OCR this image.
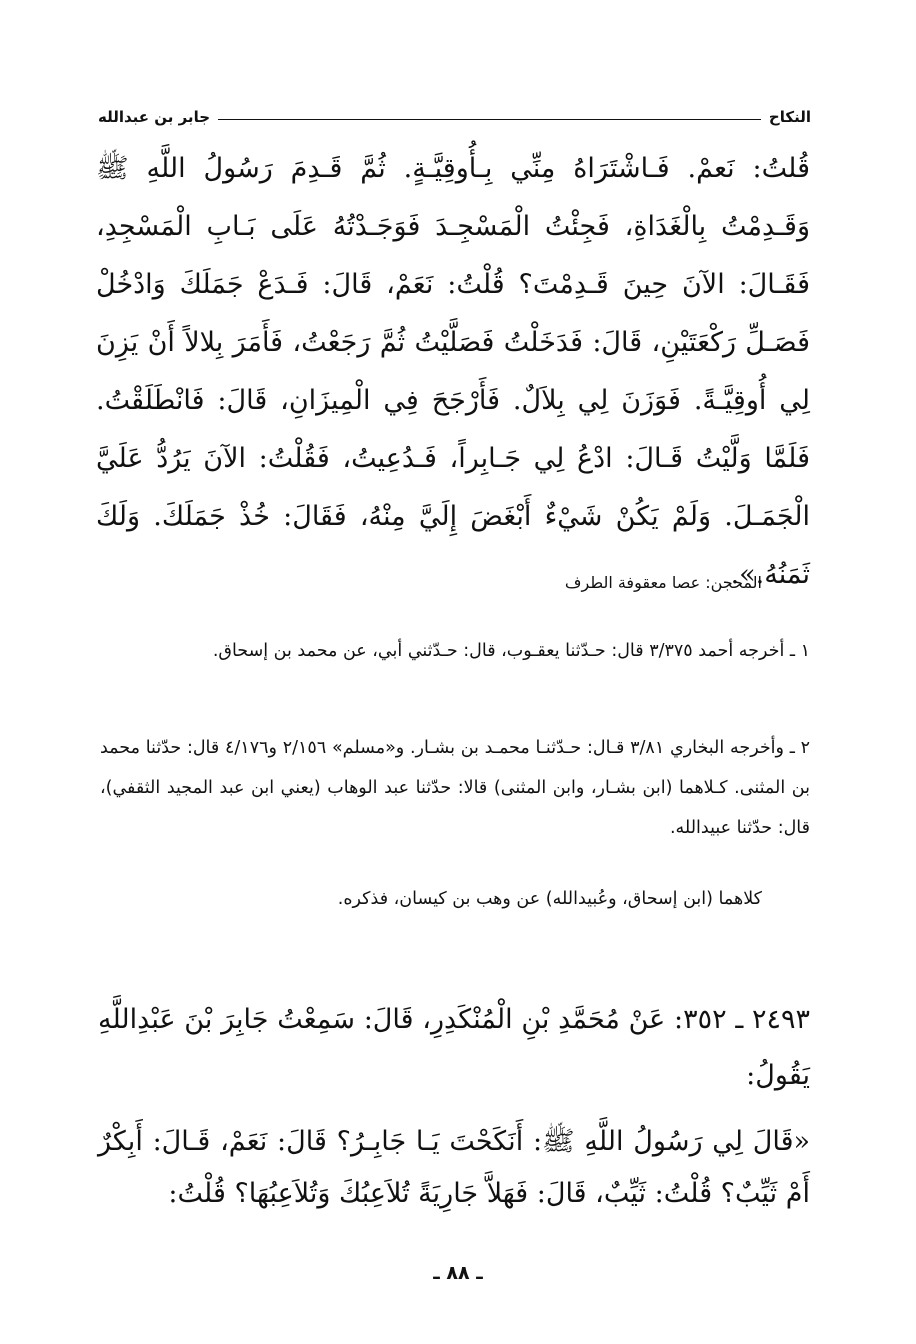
النكاح
جابر بن عبدالله

قُلتُ: نَعمْ. فَـاشْتَرَاهُ مِنِّي بِـأُوقِيَّـةٍ. ثُمَّ قَـدِمَ رَسُولُ اللَّهِ ﷺ وَقَـدِمْتُ بِالْغَدَاةِ، فَجِئْتُ الْمَسْجِـدَ فَوَجَـدْتُهُ عَلَى بَـابِ الْمَسْجِدِ، فَقَـالَ: الآنَ حِينَ قَـدِمْتَ؟ قُلْتُ: نَعَمْ، قَالَ: فَـدَعْ جَمَلَكَ وَادْخُلْ فَصَـلِّ رَكْعَتَيْنِ، قَالَ: فَدَخَلْتُ فَصَلَّيْتُ ثُمَّ رَجَعْتُ، فَأَمَرَ بِلالاً أَنْ يَزِنَ لِي أُوقِيَّـةً. فَوَزَنَ لِي بِلاَلٌ. فَأَرْجَحَ فِي الْمِيزَانِ، قَالَ: فَانْطَلَقْتُ. فَلَمَّا وَلَّيْتُ قَـالَ: ادْعُ لِي جَـابِراً، فَـدُعِيتُ، فَقُلْتُ: الآنَ يَرُدُّ عَلَيَّ الْجَمَـلَ. وَلَمْ يَكُنْ شَيْءٌ أَبْغَضَ إِلَيَّ مِنْهُ، فَقَالَ: خُذْ جَمَلَكَ. وَلَكَ ثَمَنُهُ.».

المحجن: عصا معقوفة الطرف

١ ـ أخرجه أحمد ٣/٣٧٥ قال: حـدّثنا يعقـوب، قال: حـدّثني أبي، عن محمد بن إسحاق.

٢ ـ وأخرجه البخاري ٣/٨١ قـال: حـدّثنـا محمـد بن بشـار. و«مسلم» ٢/١٥٦ و٤/١٧٦ قال: حدّثنا محمد بن المثنى. كـلاهما (ابن بشـار، وابن المثنى) قالا: حدّثنا عبد الوهاب (يعني ابن عبد المجيد الثقفي)، قال: حدّثنا عبيدالله.

كلاهما (ابن إسحاق، وعُبيدالله) عن وهب بن كيسان، فذكره.

٢٤٩٣ ـ ٣٥٢: عَنْ مُحَمَّدِ بْنِ الْمُنْكَدِرِ، قَالَ: سَمِعْتُ جَابِرَ بْنَ عَبْدِاللَّهِ يَقُولُ:

«قَالَ لِي رَسُولُ اللَّهِ ﷺ: أَنَكَحْتَ يَـا جَابِـرُ؟ قَالَ: نَعَمْ، قَـالَ: أَبِكْرٌ أَمْ ثَيِّبٌ؟ قُلْتُ: ثَيِّبٌ، قَالَ: فَهَلاَّ جَارِيَةً تُلاَعِبُكَ وَتُلاَعِبُهَا؟ قُلْتُ:

ـ ٨٨ ـ
